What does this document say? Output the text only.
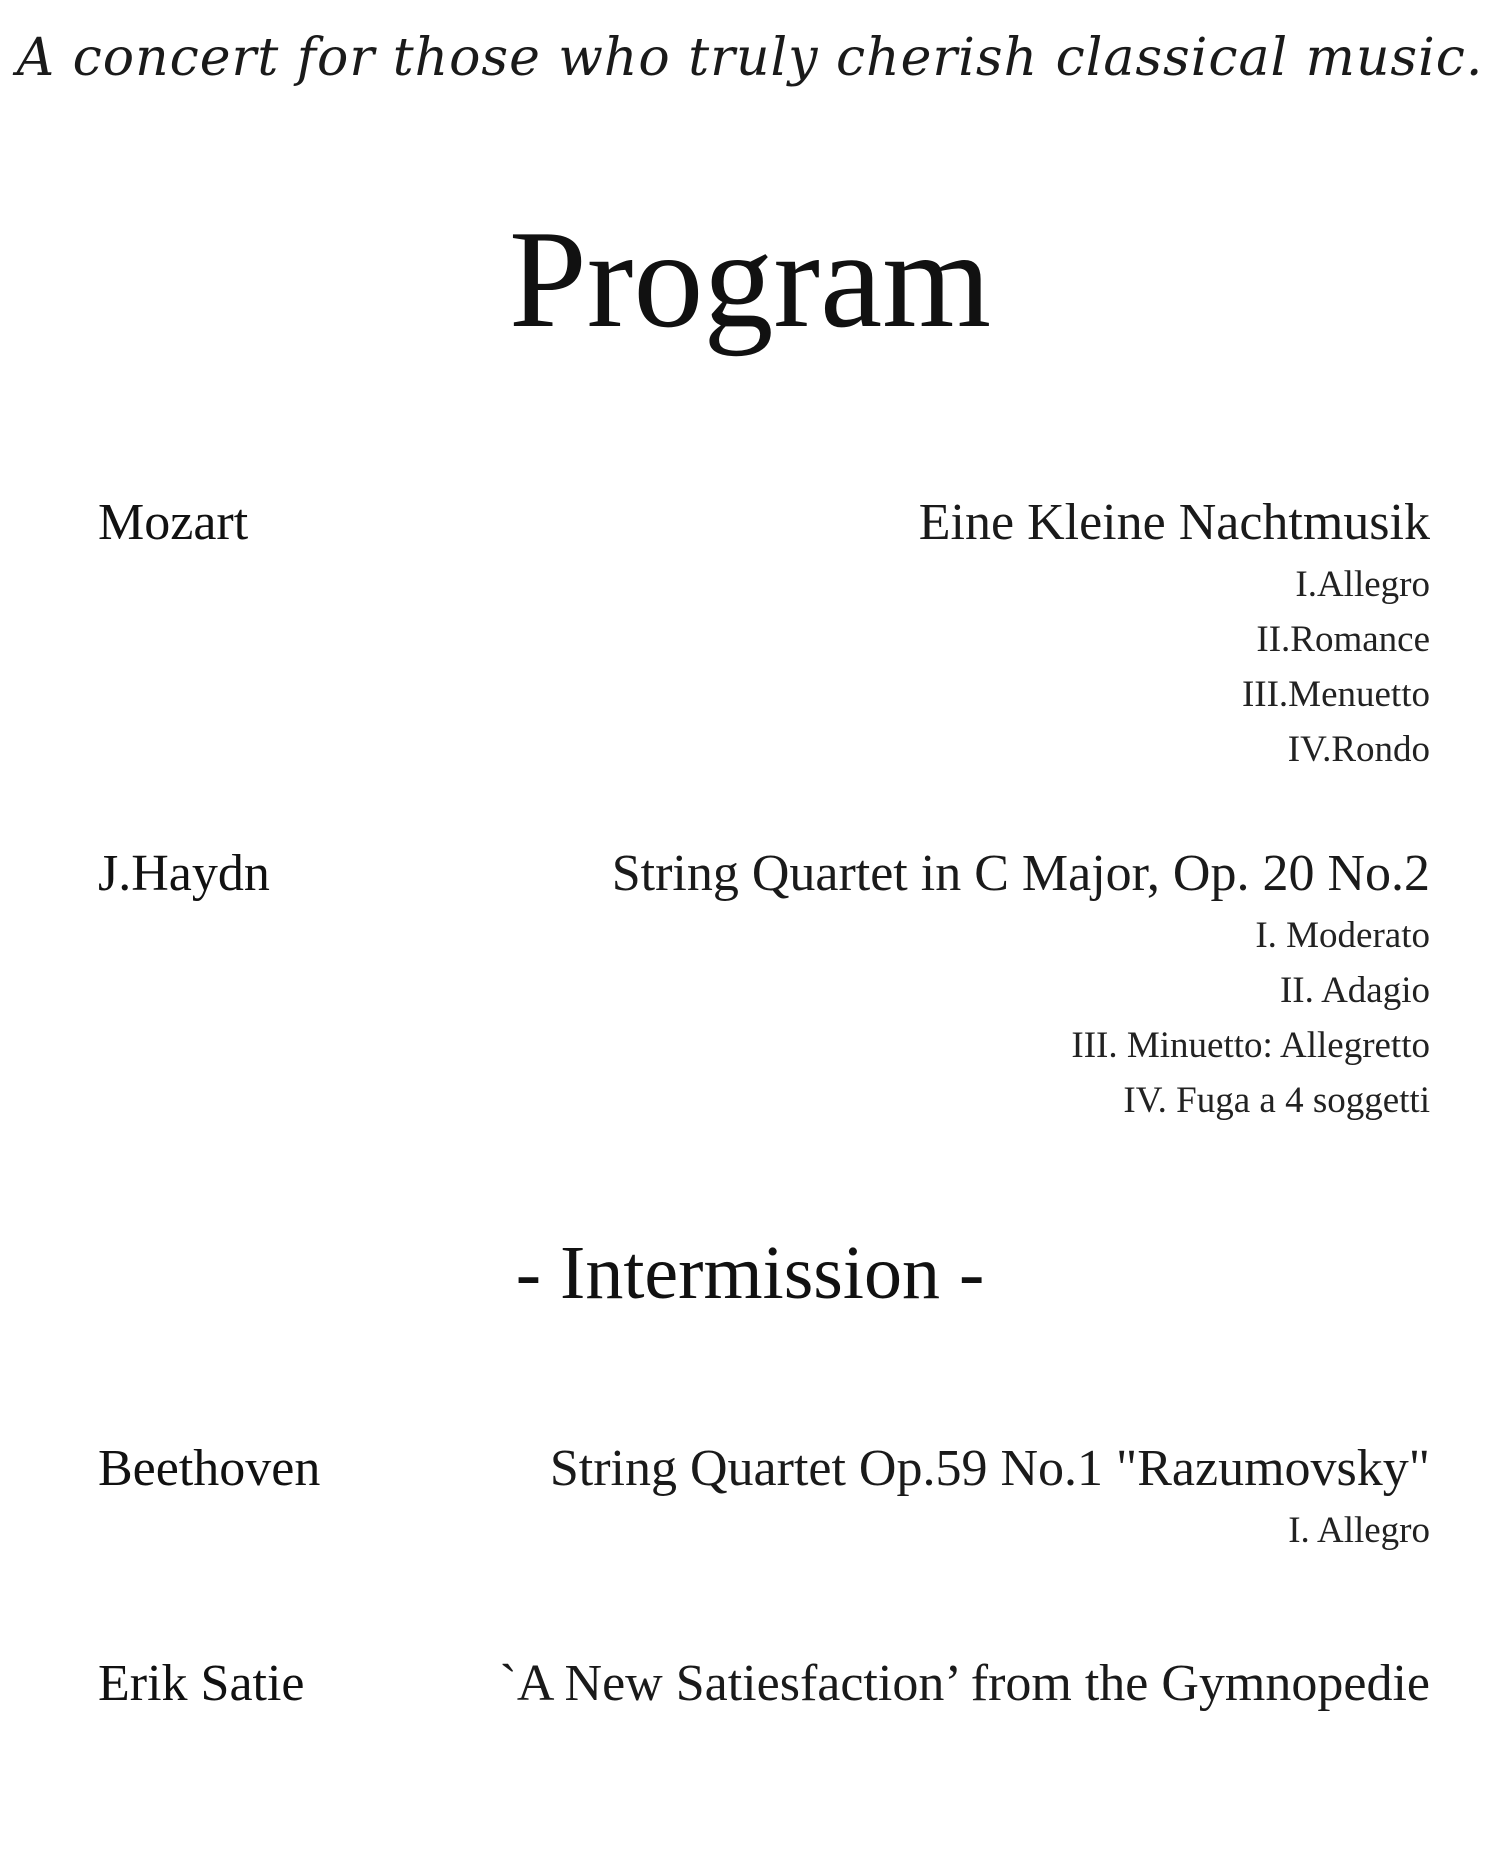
A concert for those who truly cherish classical music.
Program
Mozart	Eine Kleine Nachtmusik
I.Allegro
II.Romance
III.Menuetto
IV.Rondo
J.Haydn	String Quartet in C Major, Op. 20 No.2
I. Moderato
II. Adagio
III. Minuetto: Allegretto
IV. Fuga a 4 soggetti
- Intermission -
Beethoven	String Quartet Op.59 No.1 "Razumovsky"
I. Allegro
Erik Satie	`A New Satiesfaction’ from the Gymnopedie
